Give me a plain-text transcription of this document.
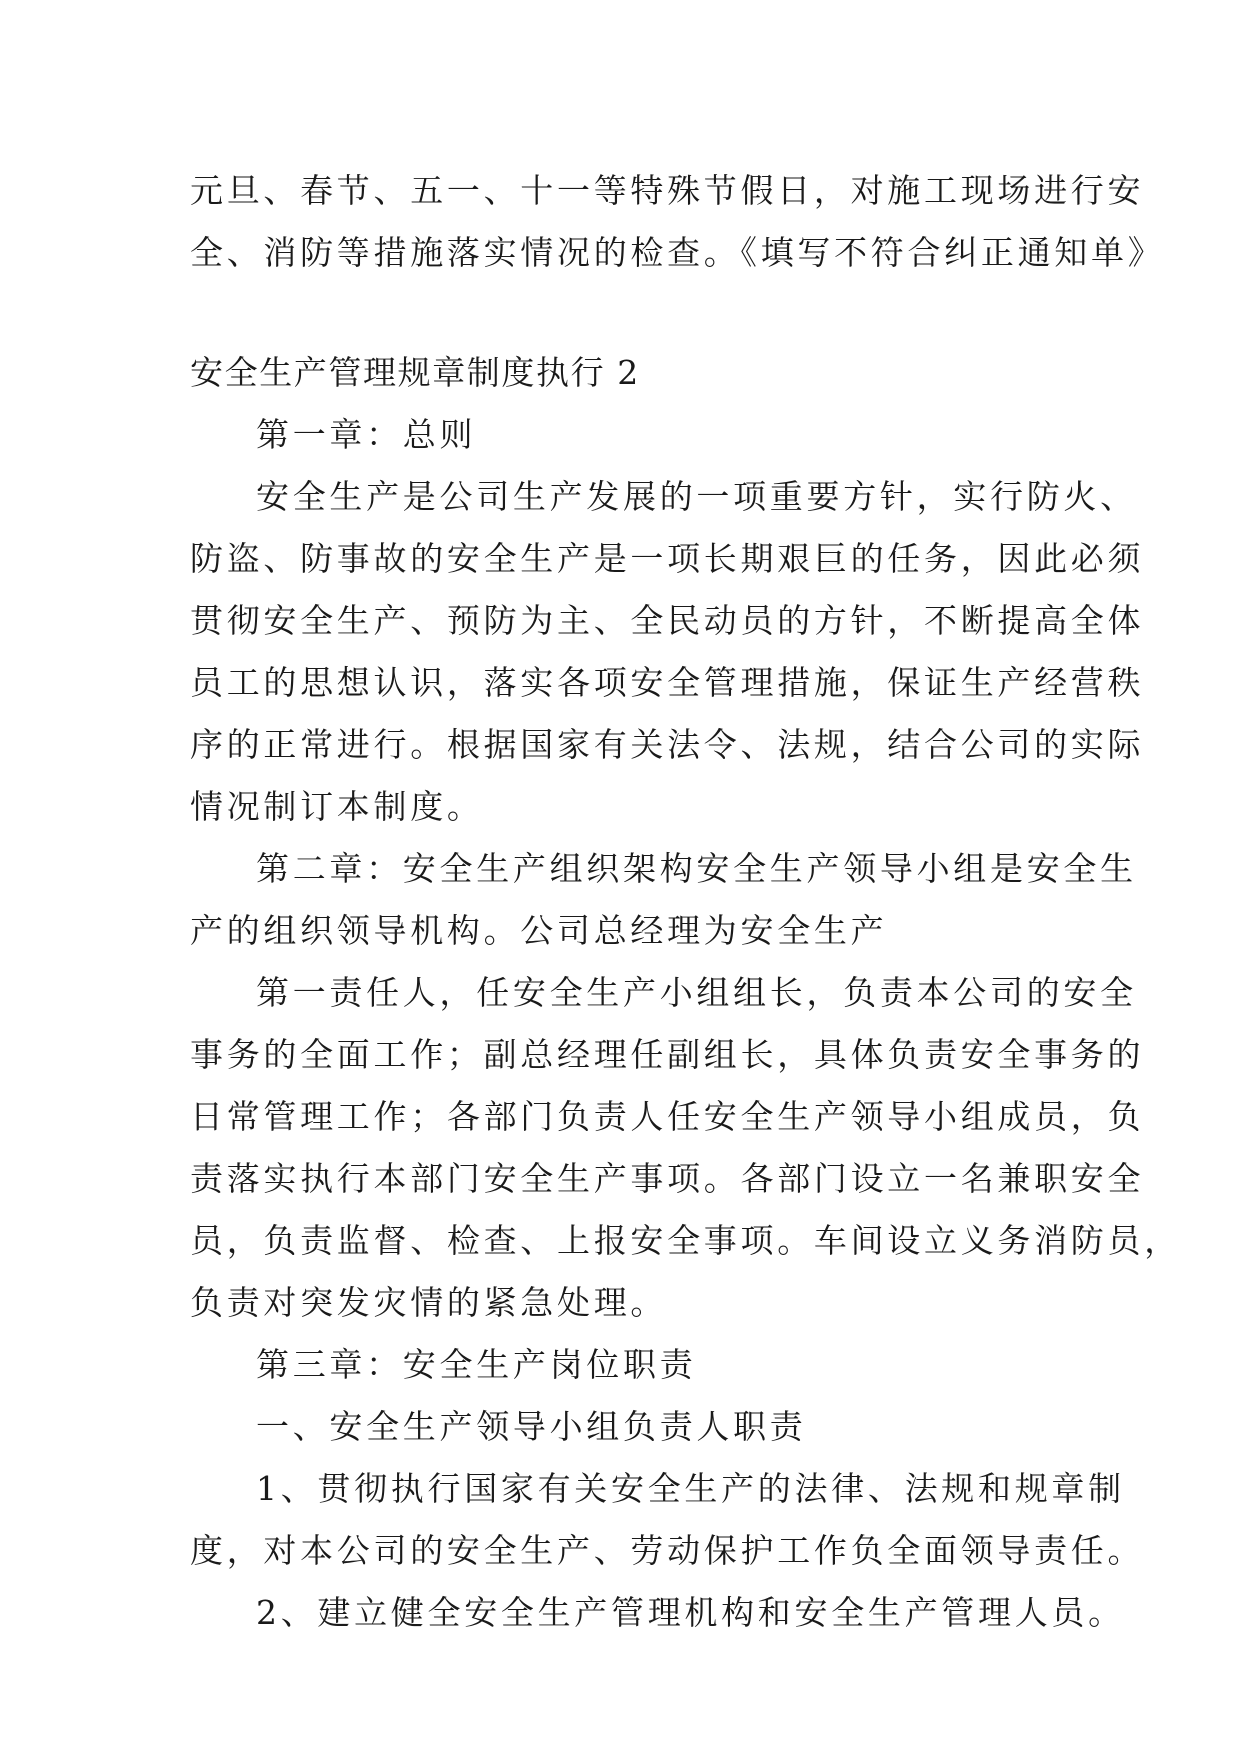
元旦、春节、五一、十一等特殊节假日，对施工现场进行安
全、消防等措施落实情况的检查。《填写不符合纠正通知单》
安全生产管理规章制度执行 2
第一章：总则
安全生产是公司生产发展的一项重要方针，实行防火、
防盗、防事故的安全生产是一项长期艰巨的任务，因此必须
贯彻安全生产、预防为主、全民动员的方针，不断提高全体
员工的思想认识，落实各项安全管理措施，保证生产经营秩
序的正常进行。根据国家有关法令、法规，结合公司的实际
情况制订本制度。
第二章：安全生产组织架构安全生产领导小组是安全生
产的组织领导机构。公司总经理为安全生产
第一责任人，任安全生产小组组长，负责本公司的安全
事务的全面工作；副总经理任副组长，具体负责安全事务的
日常管理工作；各部门负责人任安全生产领导小组成员，负
责落实执行本部门安全生产事项。各部门设立一名兼职安全
员，负责监督、检查、上报安全事项。车间设立义务消防员，
负责对突发灾情的紧急处理。
第三章：安全生产岗位职责
一、安全生产领导小组负责人职责
1、贯彻执行国家有关安全生产的法律、法规和规章制
度，对本公司的安全生产、劳动保护工作负全面领导责任。
2、建立健全安全生产管理机构和安全生产管理人员。
